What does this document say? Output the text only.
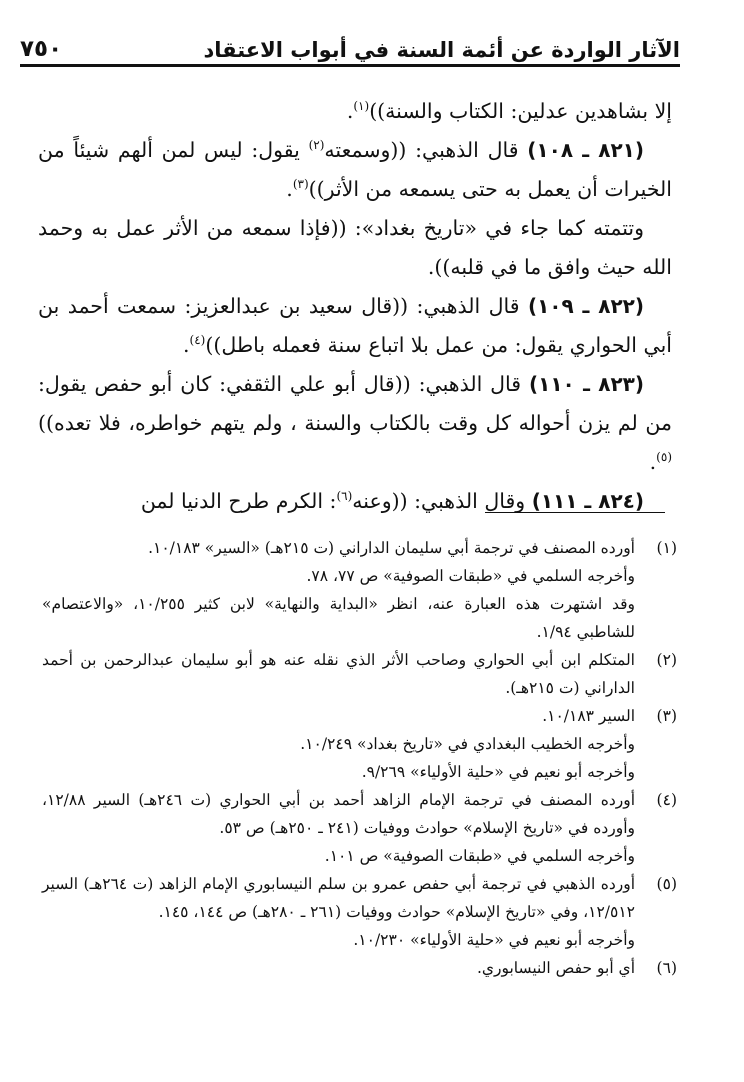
الآثار الواردة عن أئمة السنة في أبواب الاعتقاد
٧٥٠

إلا بشاهدين عدلين: الكتاب والسنة))$^{(١)}$.

(٨٢١ ـ ١٠٨) قال الذهبي: ((وسمعته$^{(٢)}$ يقول: ليس لمن ألهم شيئاً من الخيرات أن يعمل به حتى يسمعه من الأثر))$^{(٣)}$.

وتتمته كما جاء في «تاريخ بغداد»: ((فإذا سمعه من الأثر عمل به وحمد الله حيث وافق ما في قلبه)).

(٨٢٢ ـ ١٠٩) قال الذهبي: ((قال سعيد بن عبدالعزيز: سمعت أحمد بن أبي الحواري يقول: من عمل بلا اتباع سنة فعمله باطل))$^{(٤)}$.

(٨٢٣ ـ ١١٠) قال الذهبي: ((قال أبو علي الثقفي: كان أبو حفص يقول: من لم يزن أحواله كل وقت بالكتاب والسنة ، ولم يتهم خواطره، فلا تعده))$^{(٥)}$.

(٨٢٤ ـ ١١١) وقال الذهبي: ((وعنه$^{(٦)}$: الكرم طرح الدنيا لمن

(١)

أورده المصنف في ترجمة أبي سليمان الداراني (ت ٢١٥هـ) «السير» ١٠/١٨٣.

وأخرجه السلمي في «طبقات الصوفية» ص ٧٧، ٧٨.

وقد اشتهرت هذه العبارة عنه، انظر «البداية والنهاية» لابن كثير ١٠/٢٥٥، «والاعتصام» للشاطبي ١/٩٤.

(٢)

المتكلم ابن أبي الحواري وصاحب الأثر الذي نقله عنه هو أبو سليمان عبدالرحمن بن أحمد الداراني (ت ٢١٥هـ).

(٣)

السير ١٠/١٨٣.

وأخرجه الخطيب البغدادي في «تاريخ بغداد» ١٠/٢٤٩.

وأخرجه أبو نعيم في «حلية الأولياء» ٩/٢٦٩.

(٤)

أورده المصنف في ترجمة الإمام الزاهد أحمد بن أبي الحواري (ت ٢٤٦هـ) السير ١٢/٨٨، وأورده في «تاريخ الإسلام» حوادث ووفيات (٢٤١ ـ ٢٥٠هـ) ص ٥٣.

وأخرجه السلمي في «طبقات الصوفية» ص ١٠١.

(٥)

أورده الذهبي في ترجمة أبي حفص عمرو بن سلم النيسابوري الإمام الزاهد (ت ٢٦٤هـ) السير ١٢/٥١٢، وفي «تاريخ الإسلام» حوادث ووفيات (٢٦١ ـ ٢٨٠هـ) ص ١٤٤، ١٤٥.

وأخرجه أبو نعيم في «حلية الأولياء» ١٠/٢٣٠.

(٦)

أي أبو حفص النيسابوري.
